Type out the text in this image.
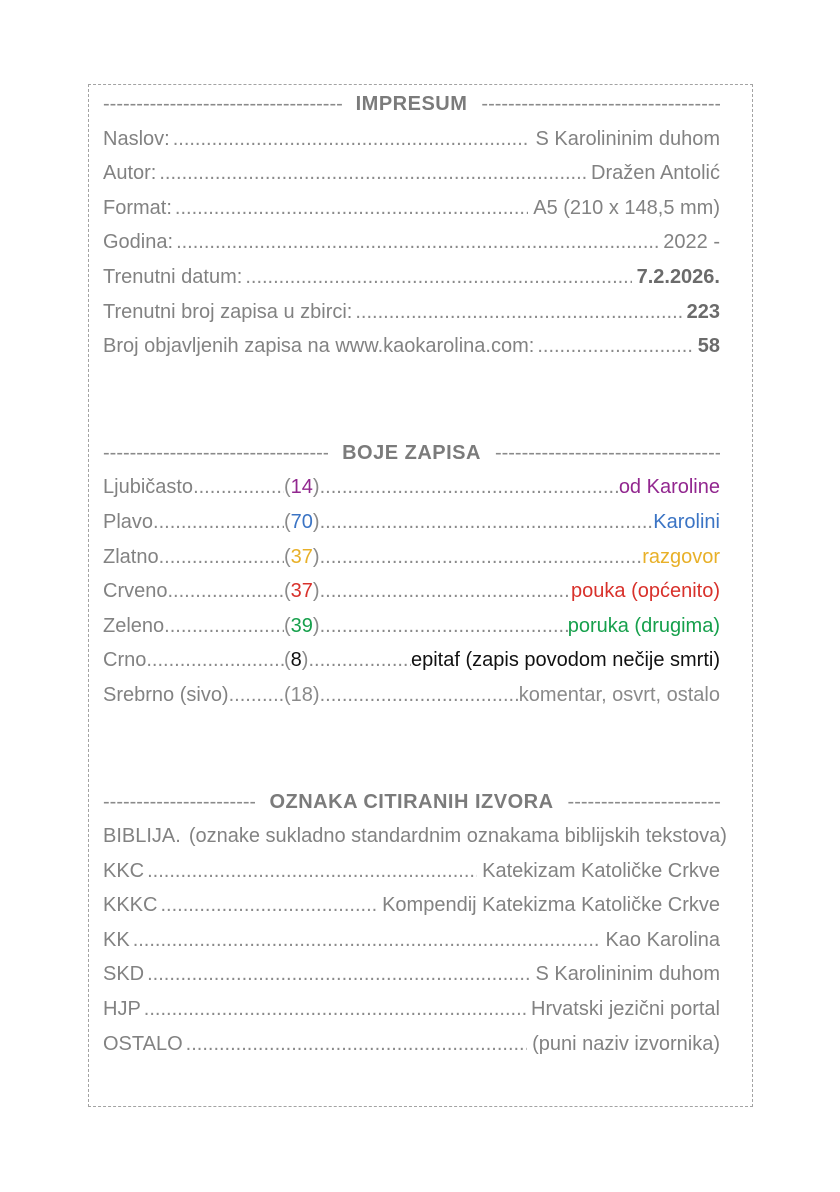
-----
IMPRESUM
-----
Naslov: .....	S Karolininim duhom
Autor: .....	Dražen Antolić
Format: .....	A5 (210 x 148,5 mm)
Godina: .....	2022 -
Trenutni datum: .....	7.2.2026.
Trenutni broj zapisa u zbirci: .....	223
Broj objavljenih zapisa na www.kaokarolina.com: .....	58
-----
BOJE ZAPISA
-----
Ljubičasto .....	(14) .....	od Karoline
Plavo .....	(70) .....	Karolini
Zlatno .....	(37) .....	razgovor
Crveno .....	(37) .....	pouka (općenito)
Zeleno .....	(39) .....	poruka (drugima)
Crno .....	(8) .....	epitaf (zapis povodom nečije smrti)
Srebrno (sivo) .....	(18) .....	komentar, osvrt, ostalo
-----
OZNAKA CITIRANIH IZVORA
-----
BIBLIJA. (oznake sukladno standardnim oznakama biblijskih tekstova)
KKC .....	Katekizam Katoličke Crkve
KKKC .....	Kompendij Katekizma Katoličke Crkve
KK .....	Kao Karolina
SKD .....	S Karolininim duhom
HJP .....	Hrvatski jezični portal
OSTALO .....	(puni naziv izvornika)
